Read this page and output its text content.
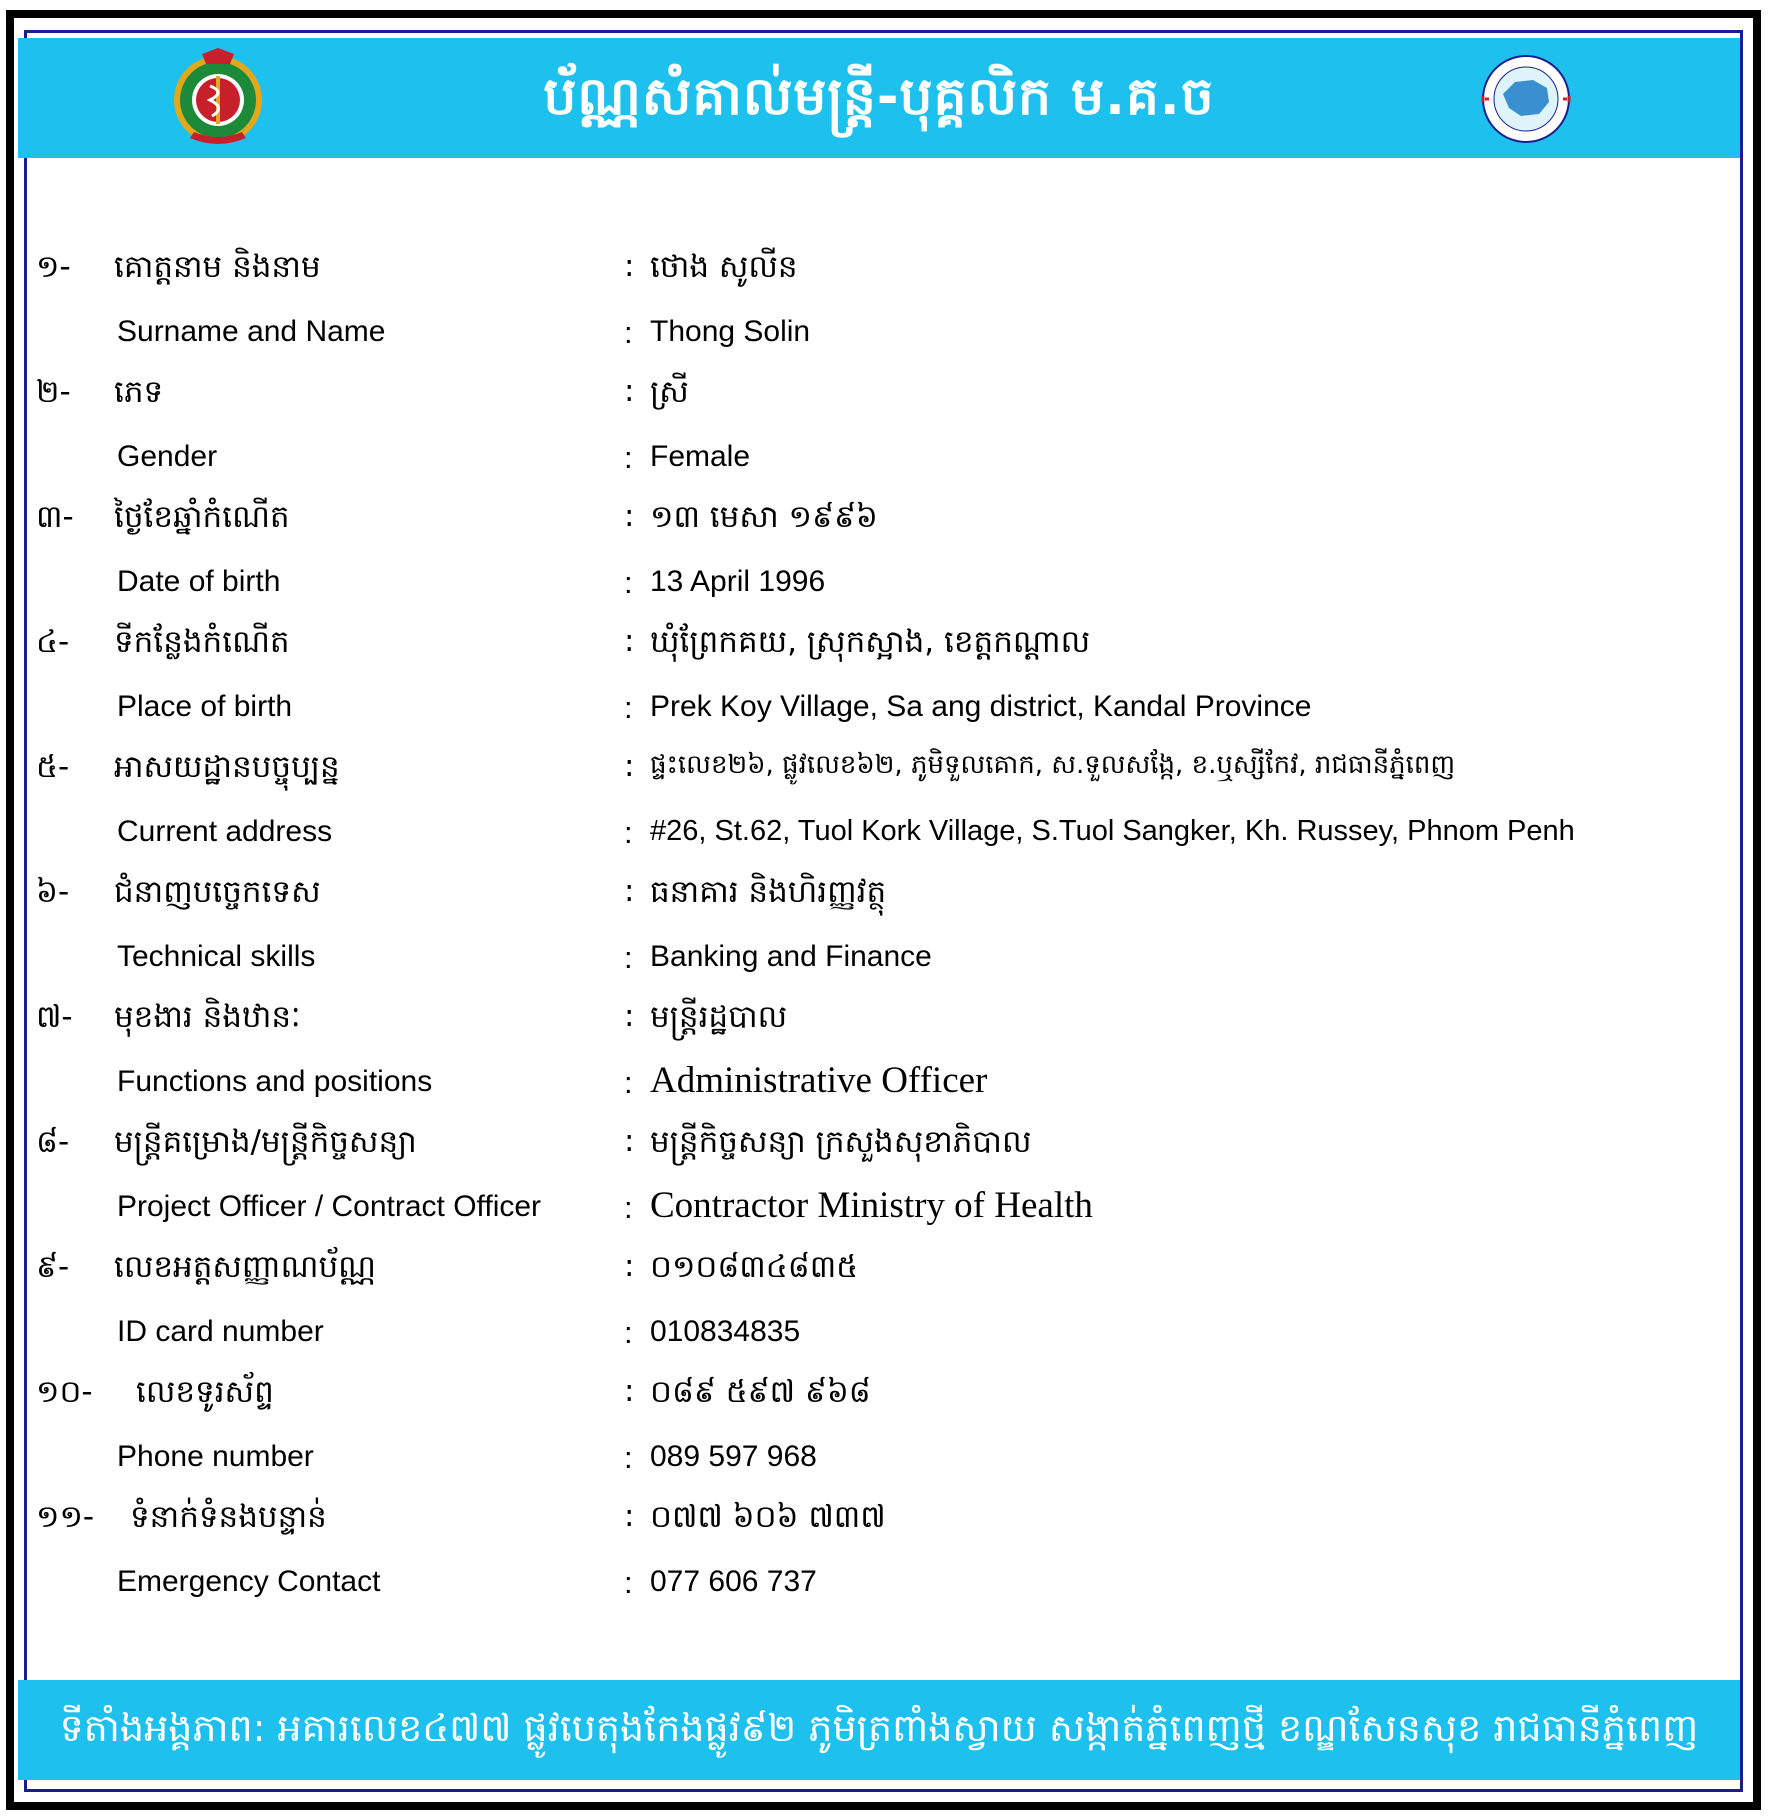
ប័ណ្ណសំគាល់មន្ត្រី-បុគ្គលិក ម.គ.ច
១- គោត្តនាម និងនាម	: ថោង សូលីន
Surname and Name	: Thong Solin
២- ភេទ	: ស្រី
Gender	: Female
៣- ថ្ងៃខែឆ្នាំកំណើត	: ១៣ មេសា ១៩៩៦
Date of birth	: 13 April 1996
៤- ទីកន្លែងកំណើត	: ឃុំព្រែកគយ, ស្រុកស្អាង, ខេត្តកណ្តាល
Place of birth	: Prek Koy Village, Sa ang district, Kandal Province
៥- អាសយដ្ឋានបច្ចុប្បន្ន	: ផ្ទះលេខ២៦, ផ្លូវលេខ៦២, ភូមិទួលគោក, ស.ទួលសង្កែ, ខ.ឬស្សីកែវ, រាជធានីភ្នំពេញ
Current address	: #26, St.62, Tuol Kork Village, S.Tuol Sangker, Kh. Russey, Phnom Penh
៦- ជំនាញបច្ចេកទេស	: ធនាគារ និងហិរញ្ញវត្ថុ
Technical skills	: Banking and Finance
៧- មុខងារ និងឋានៈ	: មន្ត្រីរដ្ឋបាល
Functions and positions	: Administrative Officer
៨- មន្ត្រីគម្រោង/មន្ត្រីកិច្ចសន្យា	: មន្ត្រីកិច្ចសន្យា ក្រសួងសុខាភិបាល
Project Officer / Contract Officer	: Contractor Ministry of Health
៩- លេខអត្តសញ្ញាណប័ណ្ណ	: ០១០៨៣៤៨៣៥
ID card number	: 010834835
១០- លេខទូរស័ព្ទ	: ០៨៩ ៥៩៧ ៩៦៨
Phone number	: 089 597 968
១១- ទំនាក់ទំនងបន្ទាន់	: ០៧៧ ៦០៦ ៧៣៧
Emergency Contact	: 077 606 737
ទីតាំងអង្គភាព: អគារលេខ៤៧៧ ផ្លូវបេតុងកែងផ្លូវ៩២ ភូមិត្រពាំងស្វាយ សង្កាត់ភ្នំពេញថ្មី ខណ្ឌសែនសុខ រាជធានីភ្នំពេញ
